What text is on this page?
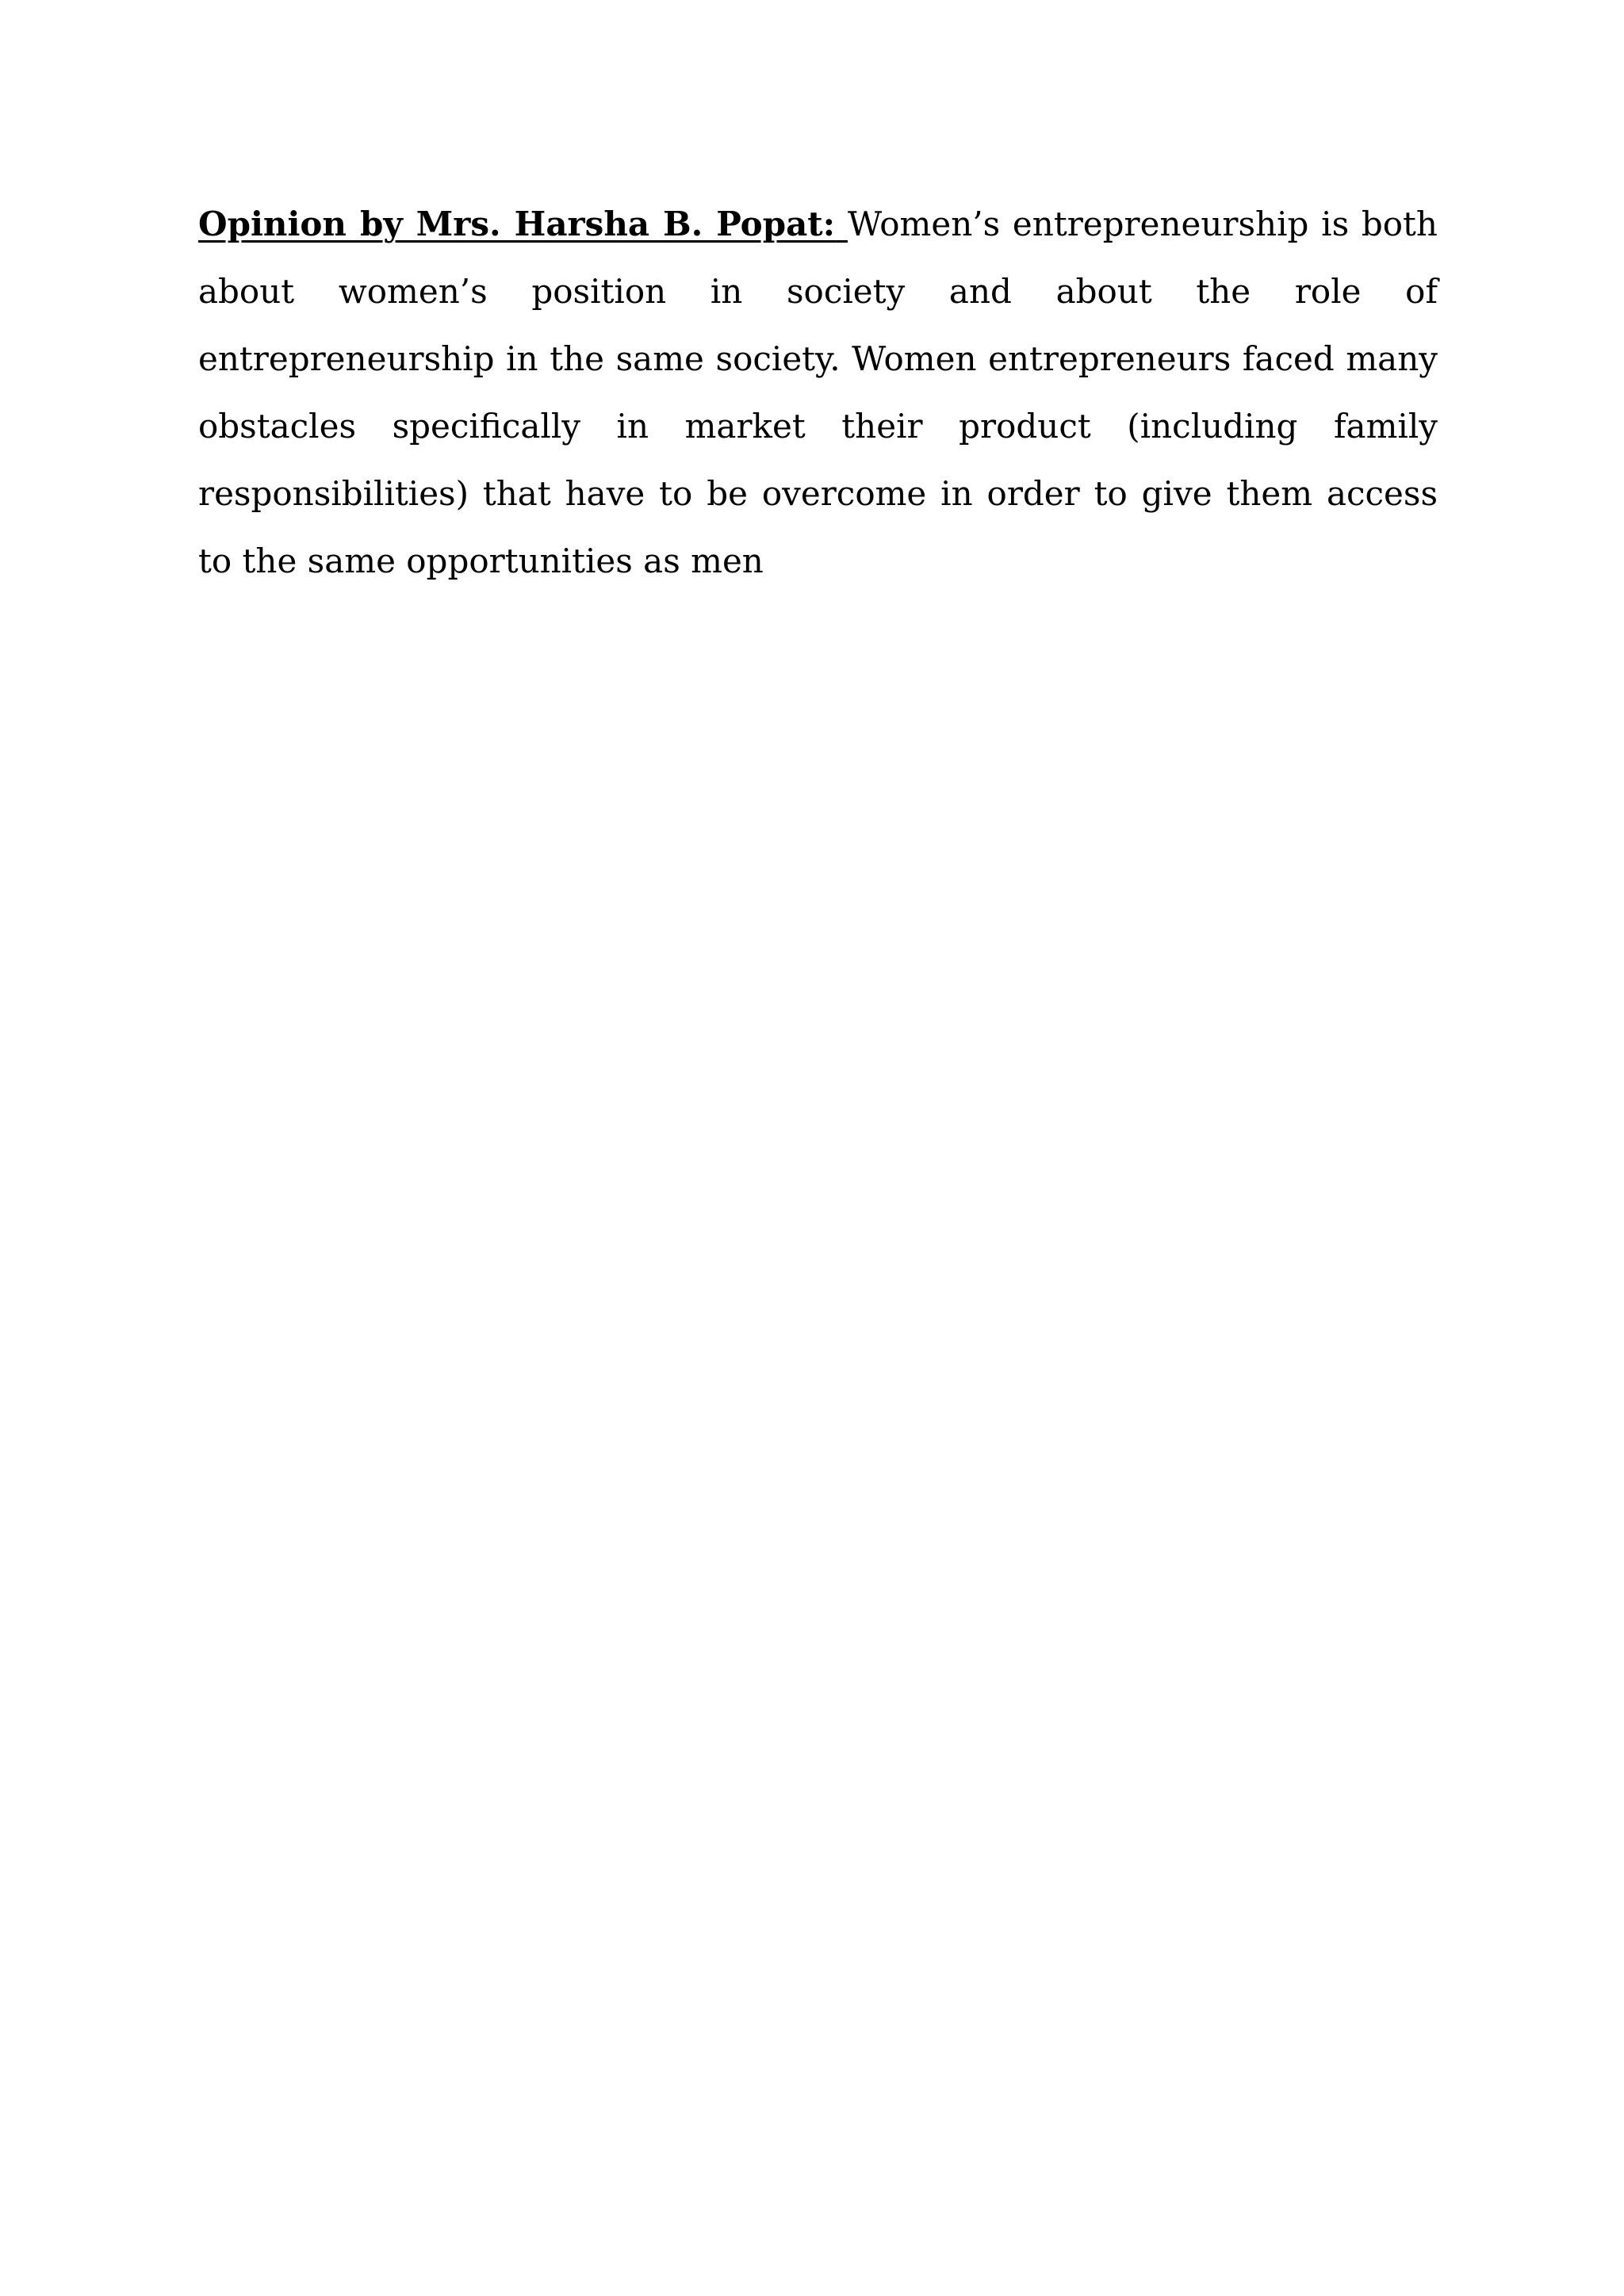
Opinion by Mrs. Harsha B. Popat: Women’s entrepreneurship is both about women’s position in society and about the role of entrepreneurship in the same society. Women entrepreneurs faced many obstacles specifically in market their product (including family responsibilities) that have to be overcome in order to give them access to the same opportunities as men
